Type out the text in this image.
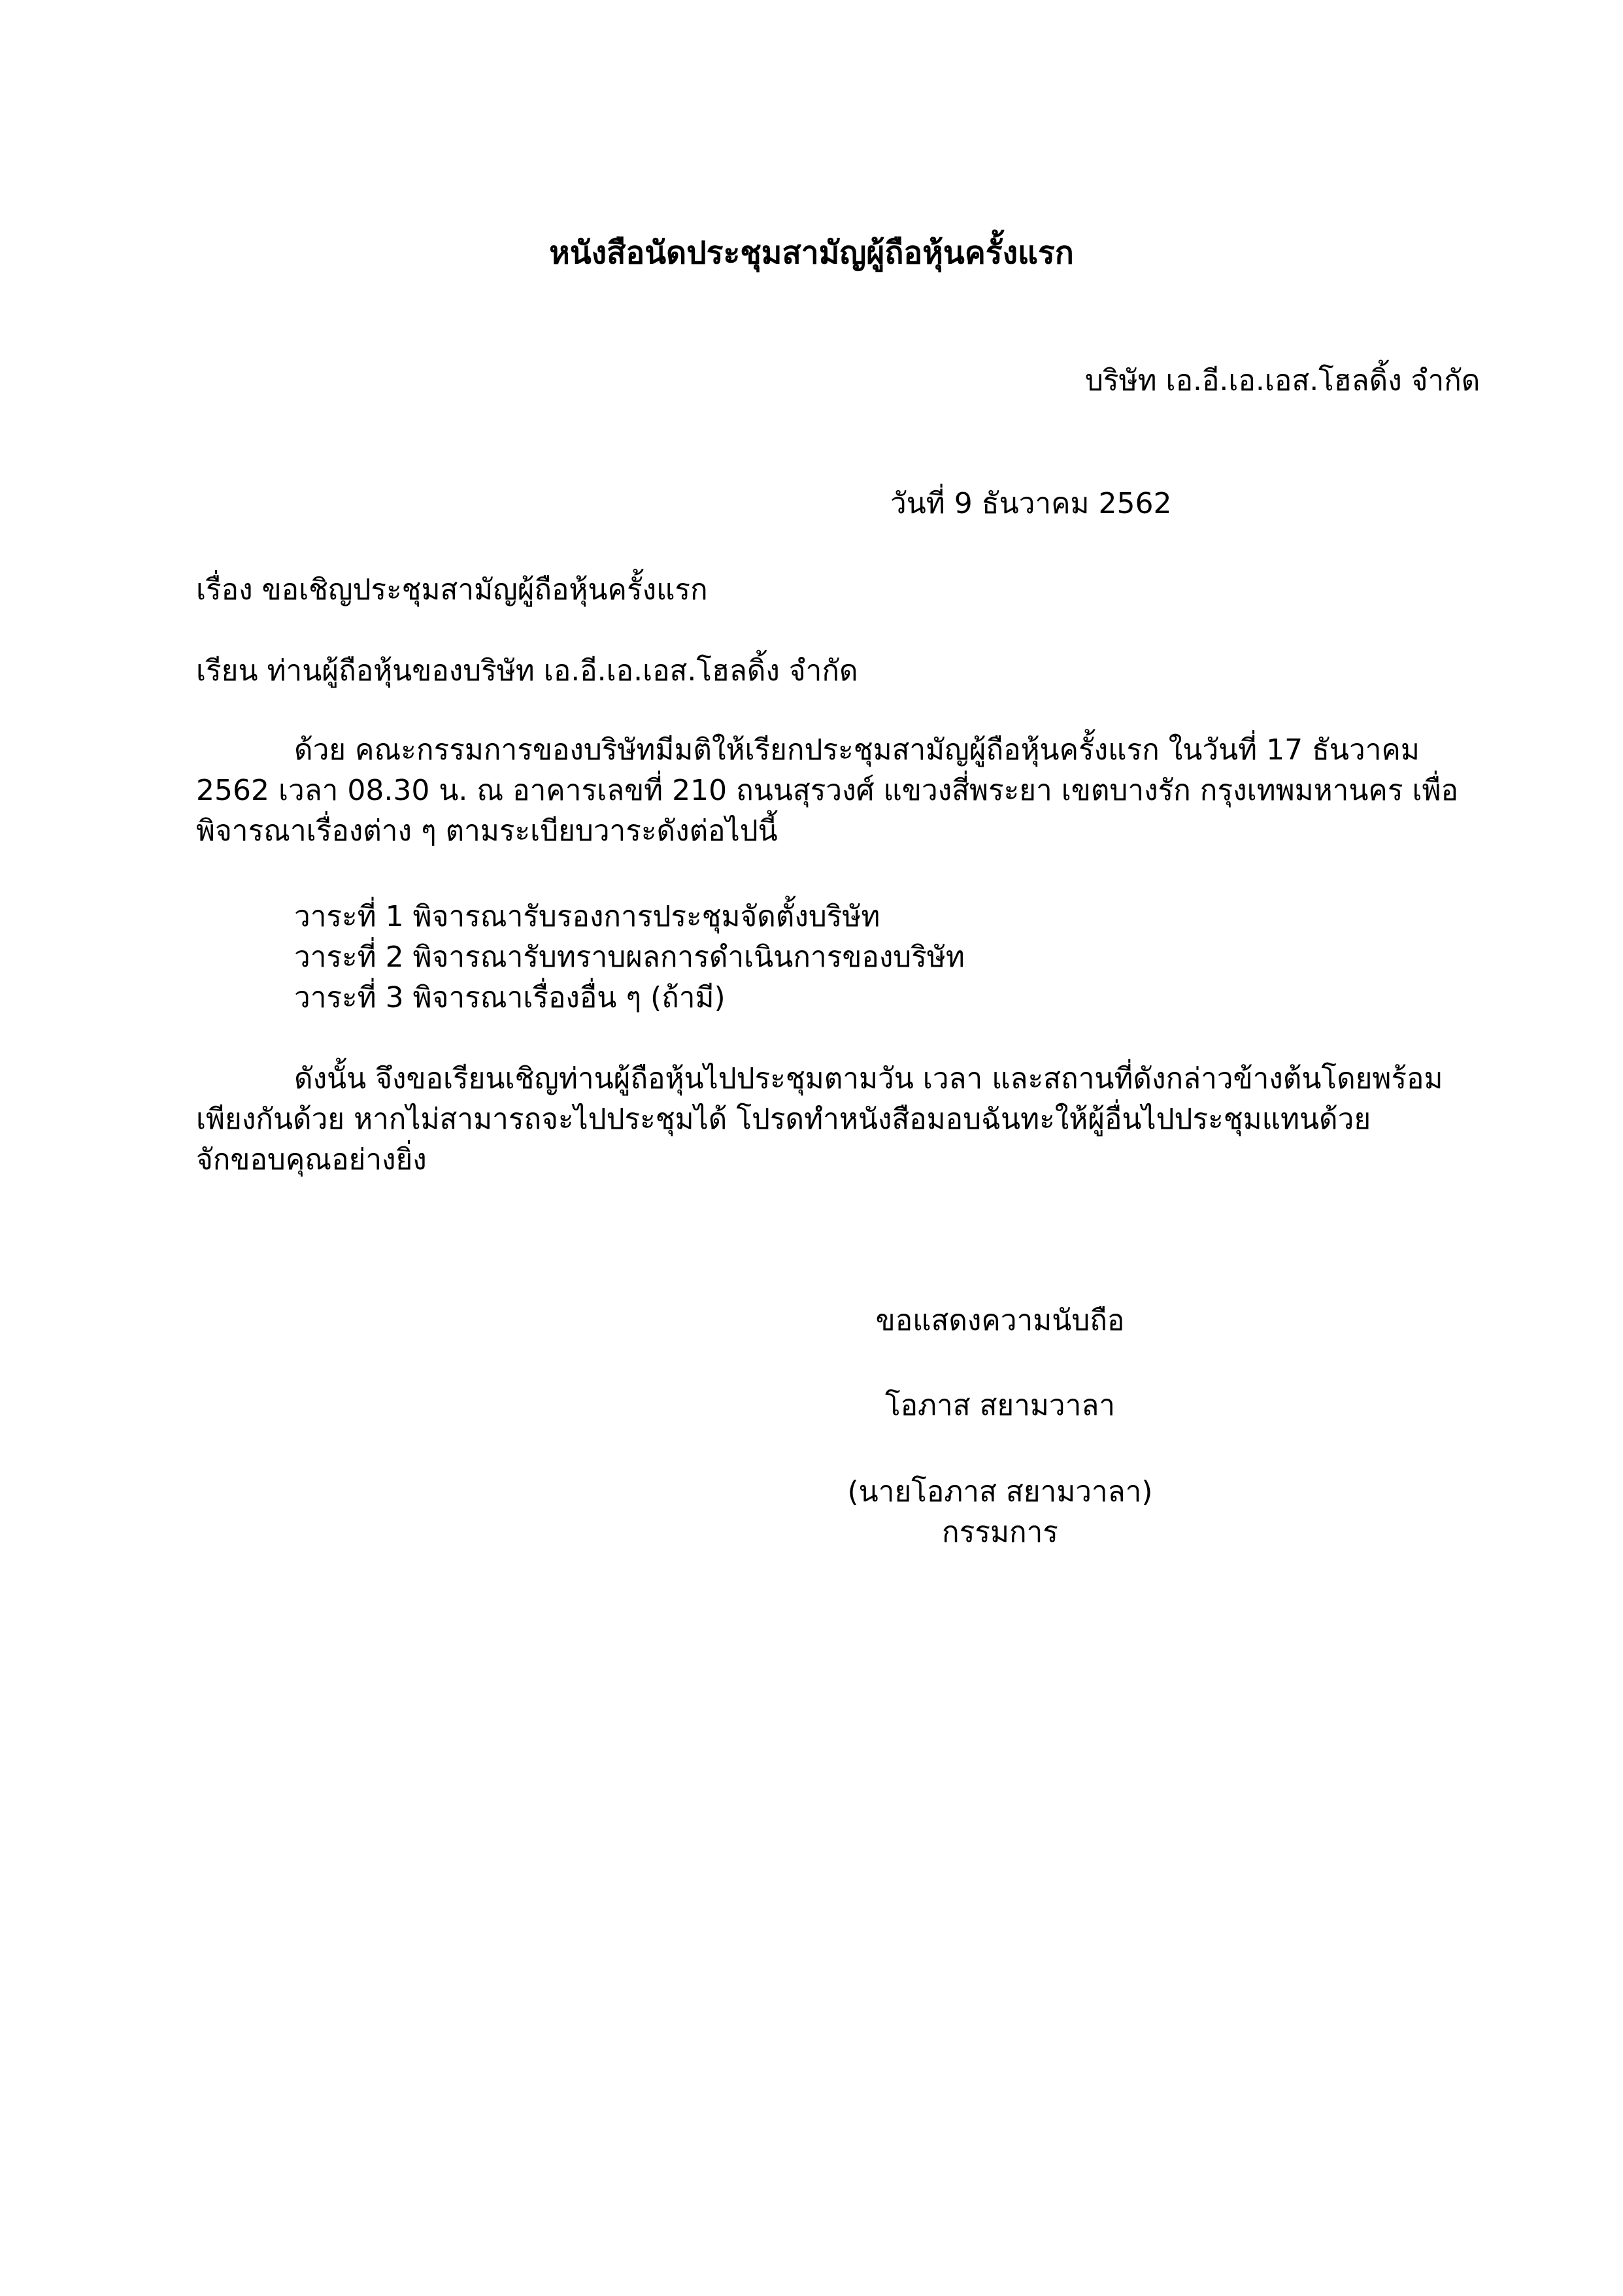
หนังสือนัดประชุมสามัญผู้ถือหุ้นครั้งแรก
บริษัท เอ.อี.เอ.เอส.โฮลดิ้ง จำกัด
วันที่ 9 ธันวาคม 2562
เรื่อง ขอเชิญประชุมสามัญผู้ถือหุ้นครั้งแรก
เรียน ท่านผู้ถือหุ้นของบริษัท เอ.อี.เอ.เอส.โฮลดิ้ง จำกัด
ด้วย คณะกรรมการของบริษัทมีมติให้เรียกประชุมสามัญผู้ถือหุ้นครั้งแรก ในวันที่ 17 ธันวาคม
2562 เวลา 08.30 น. ณ อาคารเลขที่ 210 ถนนสุรวงศ์ แขวงสี่พระยา เขตบางรัก กรุงเทพมหานคร เพื่อ
พิจารณาเรื่องต่าง ๆ ตามระเบียบวาระดังต่อไปนี้
วาระที่ 1 พิจารณารับรองการประชุมจัดตั้งบริษัท
วาระที่ 2 พิจารณารับทราบผลการดำเนินการของบริษัท
วาระที่ 3 พิจารณาเรื่องอื่น ๆ (ถ้ามี)
ดังนั้น จึงขอเรียนเชิญท่านผู้ถือหุ้นไปประชุมตามวัน เวลา และสถานที่ดังกล่าวข้างต้นโดยพร้อม
เพียงกันด้วย หากไม่สามารถจะไปประชุมได้ โปรดทำหนังสือมอบฉันทะให้ผู้อื่นไปประชุมแทนด้วย
จักขอบคุณอย่างยิ่ง
ขอแสดงความนับถือ
โอภาส สยามวาลา
(นายโอภาส สยามวาลา)
กรรมการ
